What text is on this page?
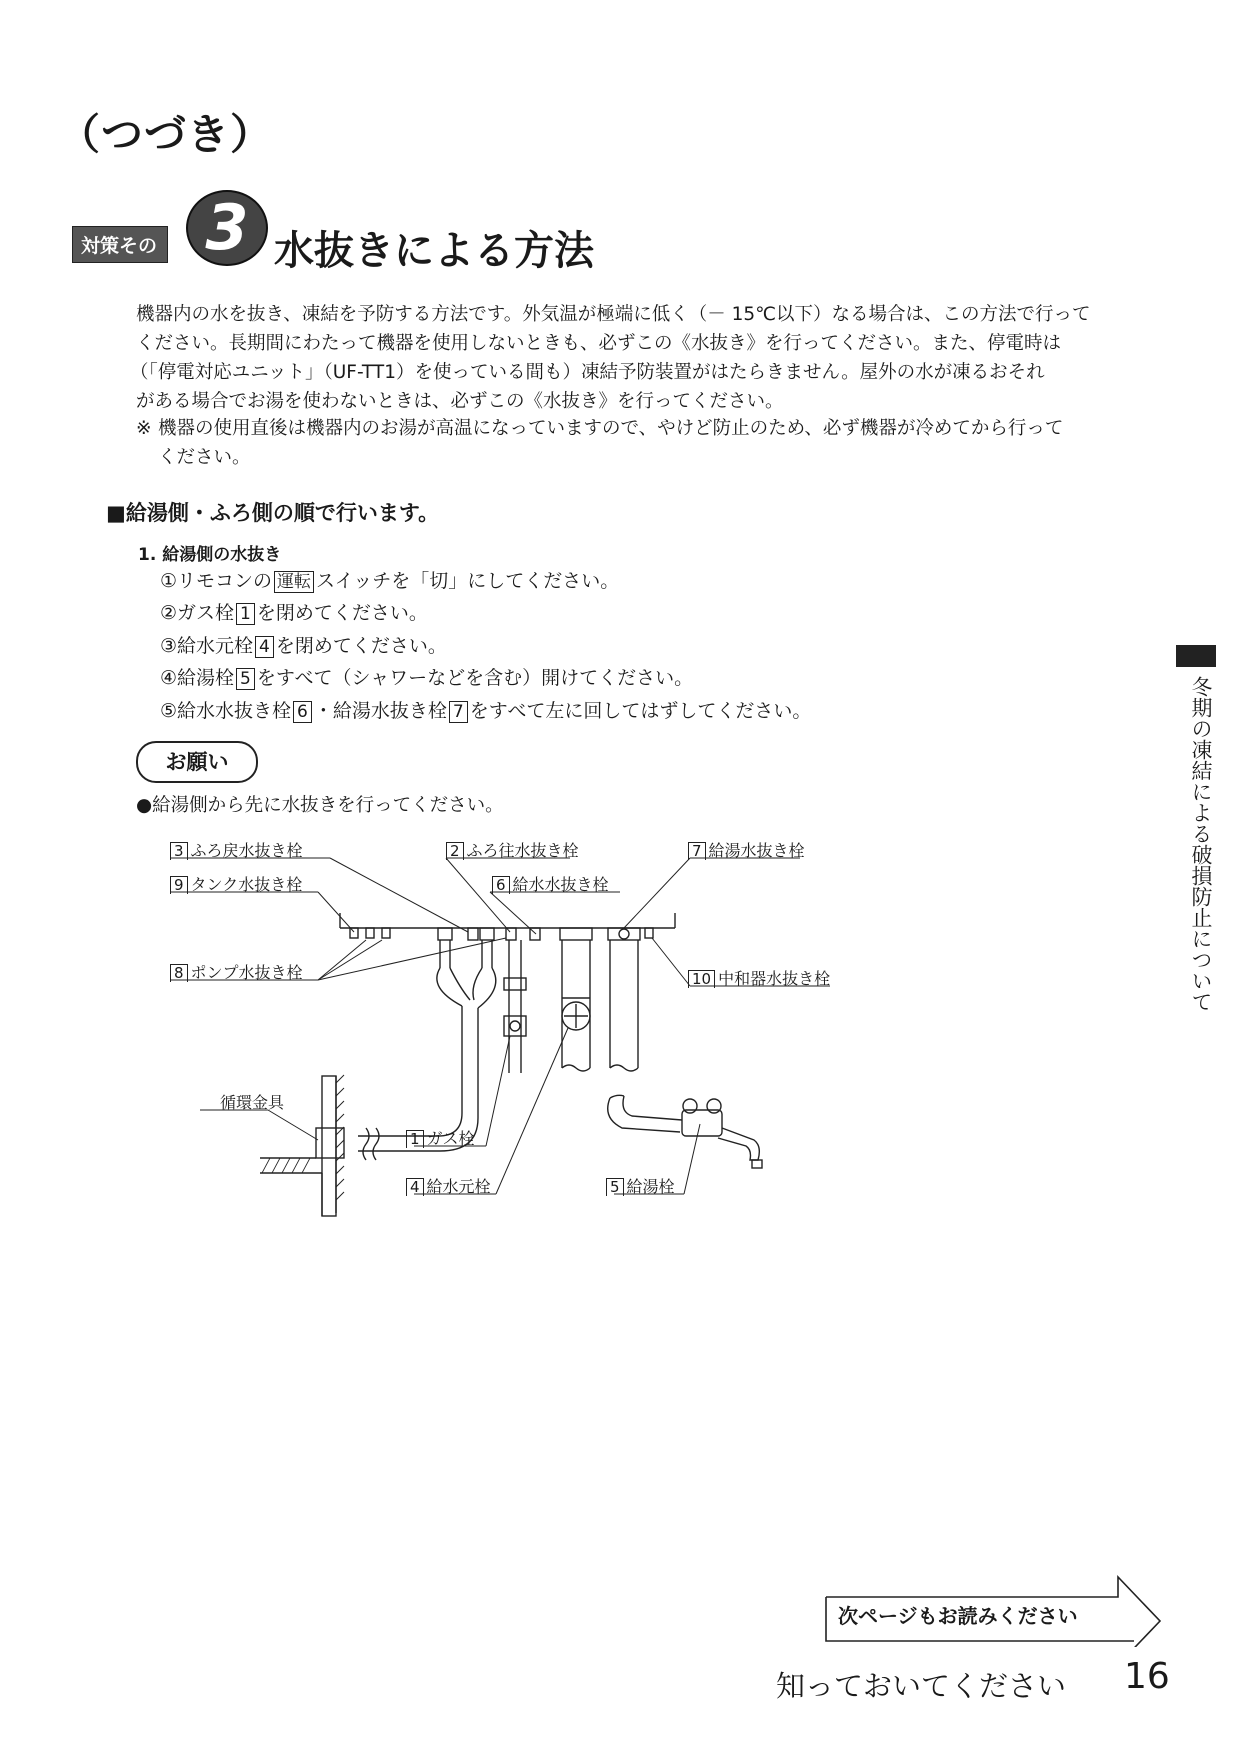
（つづき）
対策その 3 水抜きによる方法
機器内の水を抜き、凍結を予防する方法です。外気温が極端に低く（－ 15℃以下）なる場合は、この方法で行って
ください。長期間にわたって機器を使用しないときも、必ずこの《水抜き》を行ってください。また、停電時は
（「停電対応ユニット」（UF-TT1）を使っている間も）凍結予防装置がはたらきません。屋外の水が凍るおそれ
がある場合でお湯を使わないときは、必ずこの《水抜き》を行ってください。
※ 機器の使用直後は機器内のお湯が高温になっていますので、やけど防止のため、必ず機器が冷めてから行って
ください。
■給湯側・ふろ側の順で行います。
1. 給湯側の水抜き
①リモコンの 運転 スイッチを「切」にしてください。
②ガス栓 1 を閉めてください。
③給水元栓 4 を閉めてください。
④給湯栓 5 をすべて（シャワーなどを含む）開けてください。
⑤給水水抜き栓 6 ・給湯水抜き栓 7 をすべて左に回してはずしてください。
お願い
●給湯側から先に水抜きを行ってください。
3 ふろ戻水抜き栓
9 タンク水抜き栓
8 ポンプ水抜き栓
2 ふろ往水抜き栓
6 給水水抜き栓
7 給湯水抜き栓
10 中和器水抜き栓
循環金具
1 ガス栓
4 給水元栓	5 給湯栓
冬期の凍結による破損防止について
次ページもお読みください
知っておいてください 16
